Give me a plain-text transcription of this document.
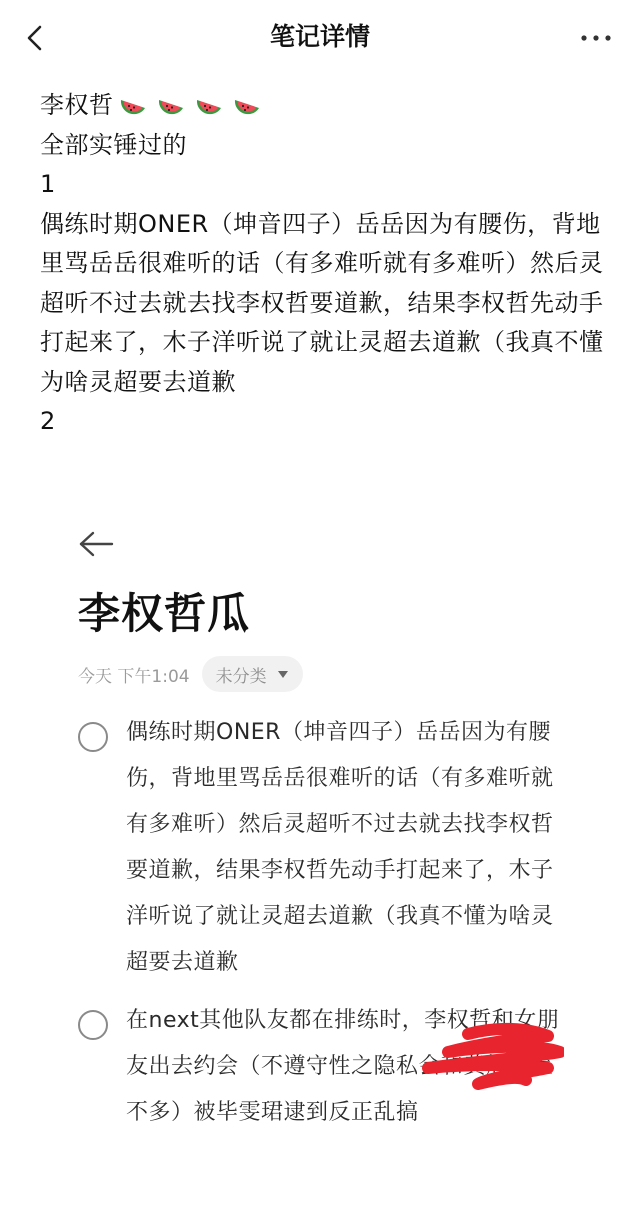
笔记详情

李权哲

全部实锤过的

1

偶练时期ONER（坤音四子）岳岳因为有腰伤，背地里骂岳岳很难听的话（有多难听就有多难听）然后灵超听不过去就去找李权哲要道歉，结果李权哲先动手打起来了，木子洋听说了就让灵超去道歉（我真不懂为啥灵超要去道歉

2

李权哲瓜
今天 下午1:04 未分类
偶练时期ONER（坤音四子）岳岳因为有腰伤，背地里骂岳岳很难听的话（有多难听就有多难听）然后灵超听不过去就去找李权哲要道歉，结果李权哲先动手打起来了，木子洋听说了就让灵超去道歉（我真不懂为啥灵超要去道歉
在next其他队友都在排练时，李权哲和女朋友出去约会（不遵守性之隐私会和黄旭熙差不多）被毕雯珺逮到反正乱搞
